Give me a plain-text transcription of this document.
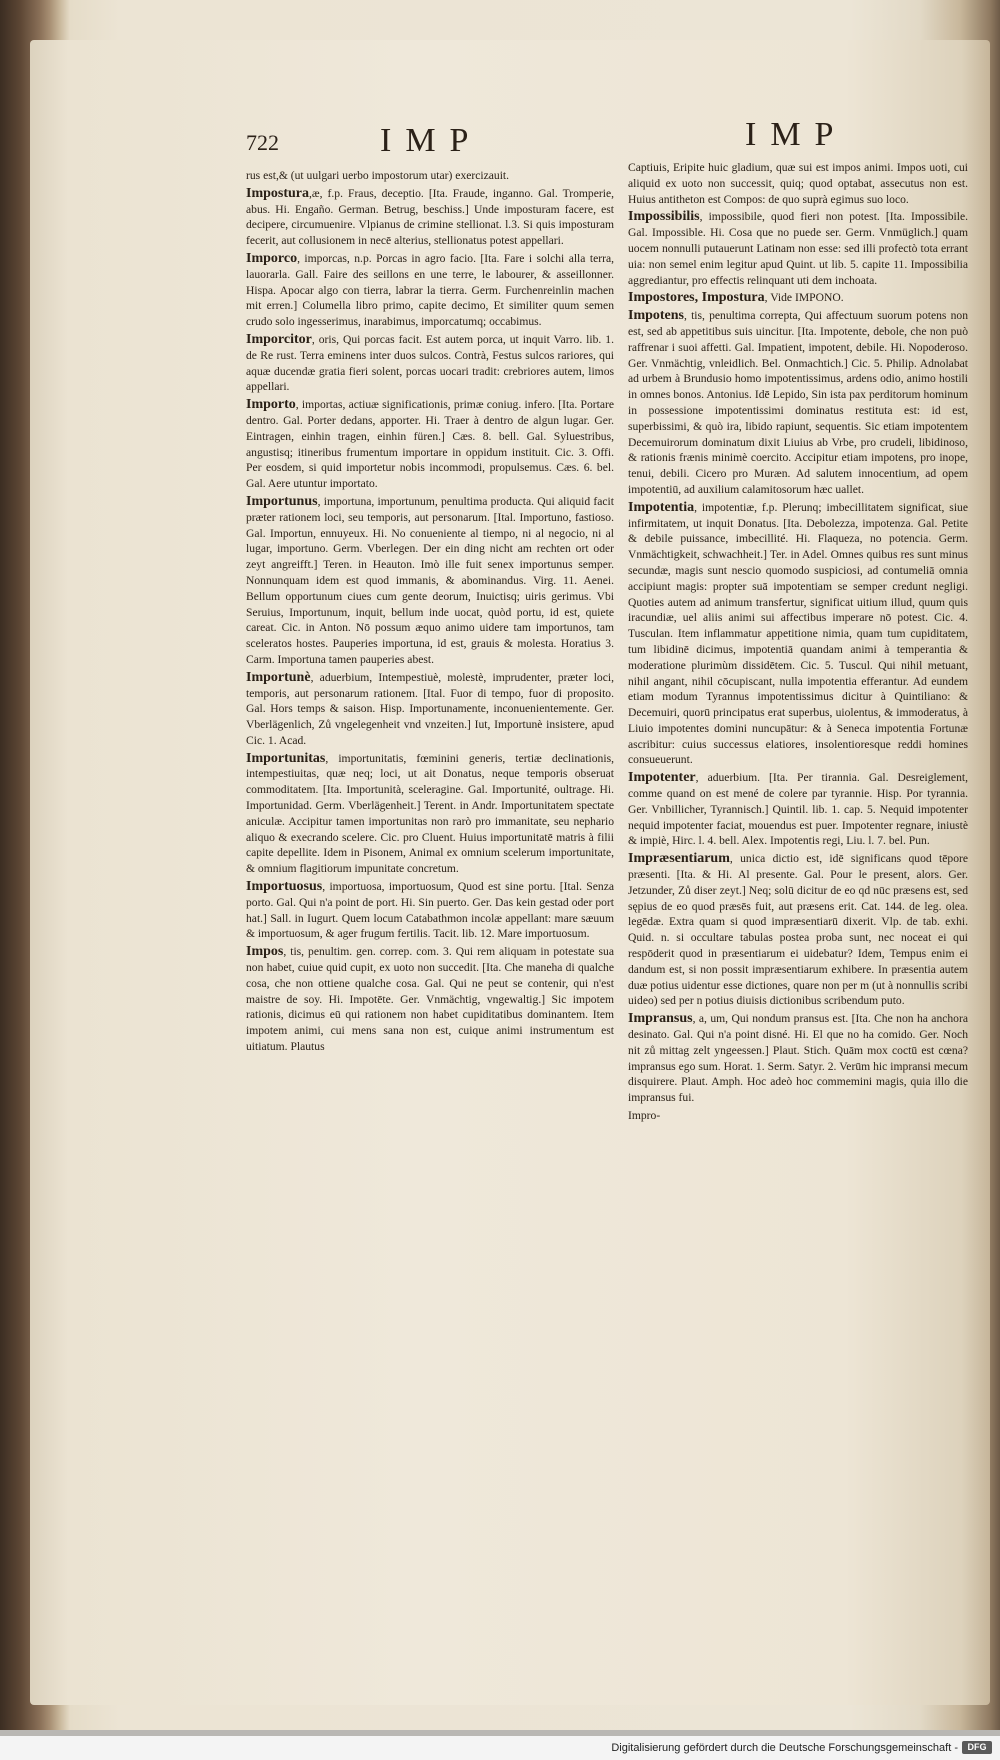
722	IMP	IMP

rus est,& (ut uulgari uerbo impostorum utar) exercizauit.

Impostura,æ, f.p. Fraus, deceptio. [Ita. Fraude, inganno. Gal. Tromperie, abus. Hi. Engaño. German. Betrug, beschiss.] Unde imposturam facere, est decipere, circumuenire. Vlpianus de crimine stellionat. l.3. Si quis imposturam fecerit, aut collusionem in necē alterius, stellionatus potest appellari.

Imporco, imporcas, n.p. Porcas in agro facio. [Ita. Fare i solchi alla terra, lauorarla. Gall. Faire des seillons en une terre, le labourer, & asseillonner. Hispa. Apocar algo con tierra, labrar la tierra. Germ. Furchenreinlin machen mit erren.] Columella libro primo, capite decimo, Et similiter quum semen crudo solo ingesserimus, inarabimus, imporcatumq; occabimus.

Imporcitor, oris, Qui porcas facit. Est autem porca, ut inquit Varro. lib. 1. de Re rust. Terra eminens inter duos sulcos. Contrà, Festus sulcos rariores, qui aquæ ducendæ gratia fieri solent, porcas uocari tradit: crebriores autem, limos appellari.

Importo, importas, actiuæ significationis, primæ coniug. infero. [Ita. Portare dentro. Gal. Porter dedans, apporter. Hi. Traer à dentro de algun lugar. Ger. Eintragen, einhin tragen, einhin füren.] Cæs. 8. bell. Gal. Syluestribus, angustisq; itineribus frumentum importare in oppidum instituit. Cic. 3. Offi. Per eosdem, si quid importetur nobis incommodi, propulsemus. Cæs. 6. bel. Gal. Aere utuntur importato.

Importunus, importuna, importunum, penultima producta. Qui aliquid facit præter rationem loci, seu temporis, aut personarum. [Ital. Importuno, fastioso. Gal. Importun, ennuyeux. Hi. No conueniente al tiempo, ni al negocio, ni al lugar, importuno. Germ. Vberlegen. Der ein ding nicht am rechten ort oder zeyt angreifft.] Teren. in Heauton. Imò ille fuit senex importunus semper. Nonnunquam idem est quod immanis, & abominandus. Virg. 11. Aenei. Bellum opportunum ciues cum gente deorum, Inuictisq; uiris gerimus. Vbi Seruius, Importunum, inquit, bellum inde uocat, quòd portu, id est, quiete careat. Cic. in Anton. Nō possum æquo animo uidere tam importunos, tam sceleratos hostes. Pauperies importuna, id est, grauis & molesta. Horatius 3. Carm. Importuna tamen pauperies abest.

Importunè, aduerbium, Intempestiuè, molestè, imprudenter, præter loci, temporis, aut personarum rationem. [Ital. Fuor di tempo, fuor di proposito. Gal. Hors temps & saison. Hisp. Importunamente, inconuenientemente. Ger. Vberlägenlich, Zů vngelegenheit vnd vnzeiten.] Iut, Importunè insistere, apud Cic. 1. Acad.

Importunitas, importunitatis, fœminini generis, tertiæ declinationis, intempestiuitas, quæ neq; loci, ut ait Donatus, neque temporis obseruat commoditatem. [Ita. Importunità, sceleragine. Gal. Importunité, oultrage. Hi. Importunidad. Germ. Vberlägenheit.] Terent. in Andr. Importunitatem spectate aniculæ. Accipitur tamen importunitas non rarò pro immanitate, seu nephario aliquo & execrando scelere. Cic. pro Cluent. Huius importunitatē matris à filii capite depellite. Idem in Pisonem, Animal ex omnium scelerum importunitate, & omnium flagitiorum impunitate concretum.

Importuosus, importuosa, importuosum, Quod est sine portu. [Ital. Senza porto. Gal. Qui n'a point de port. Hi. Sin puerto. Ger. Das kein gestad oder port hat.] Sall. in Iugurt. Quem locum Catabathmon incolæ appellant: mare sæuum & importuosum, & ager frugum fertilis. Tacit. lib. 12. Mare importuosum.

Impos, tis, penultim. gen. correp. com. 3. Qui rem aliquam in potestate sua non habet, cuiue quid cupit, ex uoto non succedit. [Ita. Che maneha di qualche cosa, che non ottiene qualche cosa. Gal. Qui ne peut se contenir, qui n'est maistre de soy. Hi. Impotēte. Ger. Vnmächtig, vngewaltig.] Sic impotem rationis, dicimus eū qui rationem non habet cupiditatibus dominantem. Item impotem animi, cui mens sana non est, cuique animi instrumentum est uitiatum. Plautus

Captiuis, Eripite huic gladium, quæ sui est impos animi. Impos uoti, cui aliquid ex uoto non successit, quiq; quod optabat, assecutus non est. Huius antitheton est Compos: de quo suprà egimus suo loco.

Impossibilis, impossibile, quod fieri non potest. [Ita. Impossibile. Gal. Impossible. Hi. Cosa que no puede ser. Germ. Vnmüglich.] quam uocem nonnulli putauerunt Latinam non esse: sed illi profectò tota errant uia: non semel enim legitur apud Quint. ut lib. 5. capite 11. Impossibilia aggrediantur, pro effectis relinquant uti dem inchoata.

Impostores, Impostura, Vide IMPONO.

Impotens, tis, penultima correpta, Qui affectuum suorum potens non est, sed ab appetitibus suis uincitur. [Ita. Impotente, debole, che non può raffrenar i suoi affetti. Gal. Impatient, impotent, debile. Hi. Nopoderoso. Ger. Vnmächtig, vnleidlich. Bel. Onmachtich.] Cic. 5. Philip. Adnolabat ad urbem à Brundusio homo impotentissimus, ardens odio, animo hostili in omnes bonos. Antonius. Idē Lepido, Sin ista pax perditorum hominum in possessione impotentissimi dominatus restituta est: id est, superbissimi, & quò ira, libido rapiunt, sequentis. Sic etiam impotentem Decemuirorum dominatum dixit Liuius ab Vrbe, pro crudeli, libidinoso, & rationis frænis minimè coercito. Accipitur etiam impotens, pro inope, tenui, debili. Cicero pro Muræn. Ad salutem innocentium, ad opem impotentiū, ad auxilium calamitosorum hæc uallet.

Impotentia, impotentiæ, f.p. Plerunq; imbecillitatem significat, siue infirmitatem, ut inquit Donatus. [Ita. Debolezza, impotenza. Gal. Petite & debile puissance, imbecillité. Hi. Flaqueza, no potencia. Germ. Vnmächtigkeit, schwachheit.] Ter. in Adel. Omnes quibus res sunt minus secundæ, magis sunt nescio quomodo suspiciosi, ad contumeliā omnia accipiunt magis: propter suā impotentiam se semper credunt negligi. Quoties autem ad animum transfertur, significat uitium illud, quum quis iracundiæ, uel aliis animi sui affectibus imperare nō potest. Cic. 4. Tusculan. Item inflammatur appetitione nimia, quam tum cupiditatem, tum libidinē dicimus, impotentiā quandam animi à temperantia & moderatione plurimùm dissidētem. Cic. 5. Tuscul. Qui nihil metuant, nihil angant, nihil cōcupiscant, nulla impotentia efferantur. Ad eundem etiam modum Tyrannus impotentissimus dicitur à Quintiliano: & Decemuiri, quorū principatus erat superbus, uiolentus, & immoderatus, à Liuio impotentes domini nuncupātur: & à Seneca impotentia Fortunæ ascribitur: cuius successus elatiores, insolentioresque reddi homines consueuerunt.

Impotenter, aduerbium. [Ita. Per tirannia. Gal. Desreiglement, comme quand on est mené de colere par tyrannie. Hisp. Por tyrannia. Ger. Vnbillicher, Tyrannisch.] Quintil. lib. 1. cap. 5. Nequid impotenter nequid impotenter faciat, mouendus est puer. Impotenter regnare, iniustè & impiè, Hirc. l. 4. bell. Alex. Impotentis regi, Liu. l. 7. bel. Pun.

Impræsentiarum, unica dictio est, idē significans quod tēpore præsenti. [Ita. & Hi. Al presente. Gal. Pour le present, alors. Ger. Jetzunder, Zů diser zeyt.] Neq; solū dicitur de eo qd nūc præsens est, sed sępius de eo quod præsēs fuit, aut præsens erit. Cat. 144. de leg. olea. legēdæ. Extra quam si quod impræsentiarū dixerit. Vlp. de tab. exhi. Quid. n. si occultare tabulas postea proba sunt, nec noceat ei qui respōderit quod in præsentiarum ei uidebatur? Idem, Tempus enim ei dandum est, si non possit impræsentiarum exhibere. In præsentia autem duæ potius uidentur esse dictiones, quare non per m (ut à nonnullis scribi uideo) sed per n potius diuisis dictionibus scribendum puto.

Impransus, a, um, Qui nondum pransus est. [Ita. Che non ha anchora desinato. Gal. Qui n'a point disné. Hi. El que no ha comido. Ger. Noch nit zů mittag zelt yngeessen.] Plaut. Stich. Quām mox coctū est cœna? impransus ego sum. Horat. 1. Serm. Satyr. 2. Verūm hic impransi mecum disquirere. Plaut. Amph. Hoc adeò hoc commemini magis, quia illo die impransus fui.

Impro-

Digitalisierung gefördert durch die Deutsche Forschungsgemeinschaft -	DFG
